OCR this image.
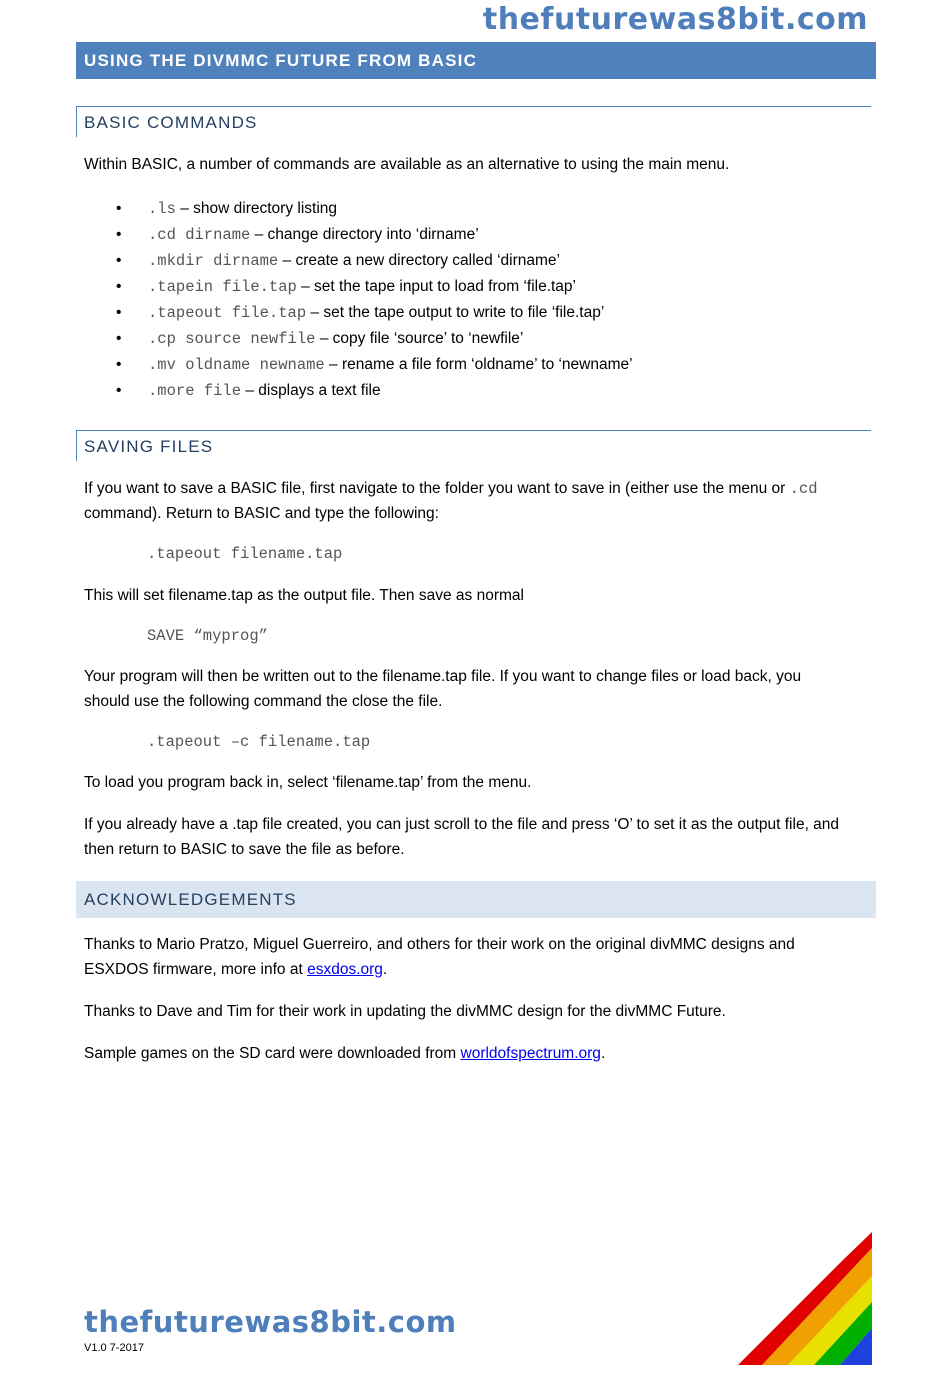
thefuturewas8bit.com
USING THE DIVMMC FUTURE FROM BASIC
BASIC COMMANDS
Within BASIC, a number of commands are available as an alternative to using the main menu.
• .ls – show directory listing
• .cd dirname – change directory into ‘dirname’
• .mkdir dirname – create a new directory called ‘dirname’
• .tapein file.tap – set the tape input to load from ‘file.tap’
• .tapeout file.tap – set the tape output to write to file ‘file.tap’
• .cp source newfile – copy file ‘source’ to ‘newfile’
• .mv oldname newname – rename a file form ‘oldname’ to ‘newname’
• .more file – displays a text file
SAVING FILES
If you want to save a BASIC file, first navigate to the folder you want to save in (either use the menu or .cd
command). Return to BASIC and type the following:
.tapeout filename.tap
This will set filename.tap as the output file. Then save as normal
SAVE “myprog”
Your program will then be written out to the filename.tap file. If you want to change files or load back, you
should use the following command the close the file.
.tapeout –c filename.tap
To load you program back in, select ‘filename.tap’ from the menu.
If you already have a .tap file created, you can just scroll to the file and press ‘O’ to set it as the output file, and
then return to BASIC to save the file as before.
ACKNOWLEDGEMENTS
Thanks to Mario Pratzo, Miguel Guerreiro, and others for their work on the original divMMC designs and
ESXDOS firmware, more info at esxdos.org.
Thanks to Dave and Tim for their work in updating the divMMC design for the divMMC Future.
Sample games on the SD card were downloaded from worldofspectrum.org.
thefuturewas8bit.com
V1.0 7-2017
